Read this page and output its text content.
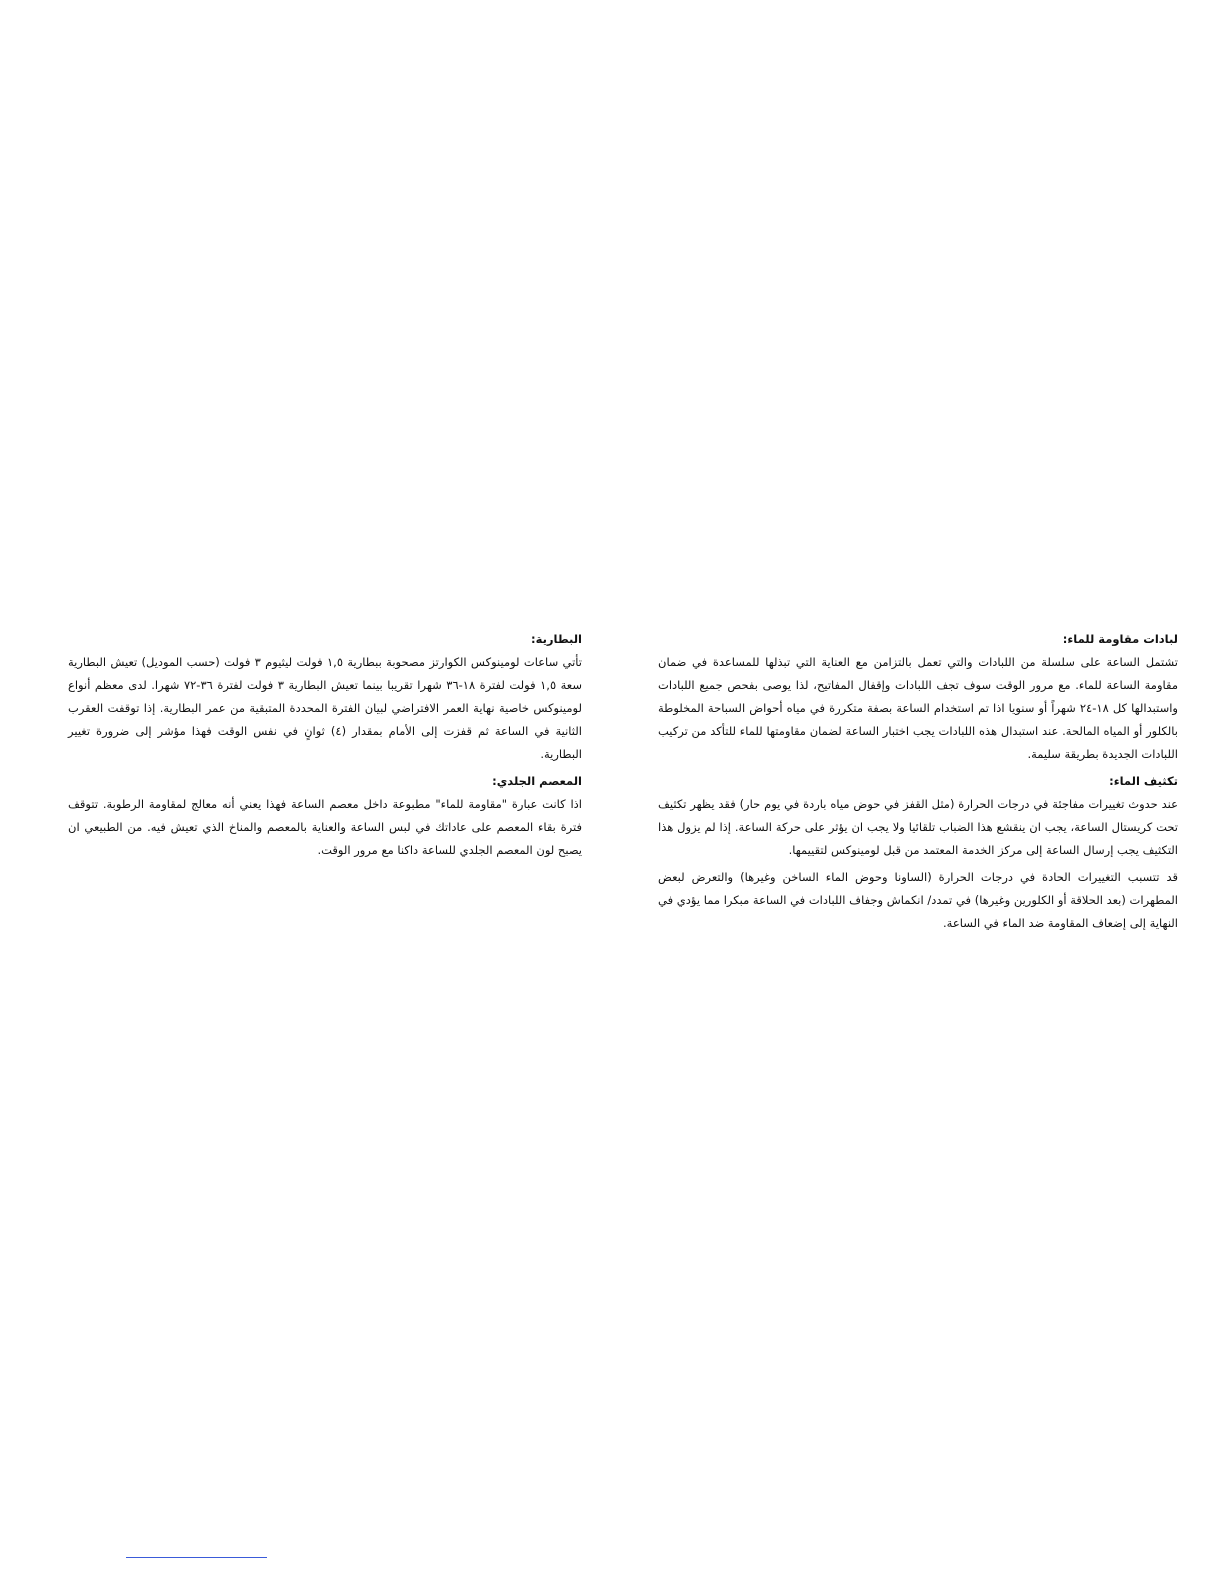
لبادات مقاومة للماء:

تشتمل الساعة على سلسلة من اللبادات والتي تعمل بالتزامن مع العناية التي تبذلها للمساعدة في ضمان مقاومة الساعة للماء. مع مرور الوقت سوف تجف اللبادات وإقفال المفاتيح، لذا يوصى بفحص جميع اللبادات واستبدالها كل ١٨-٢٤ شهراً أو سنويا اذا تم استخدام الساعة بصفة متكررة في مياه أحواض السباحة المخلوطة بالكلور أو المياه المالحة. عند استبدال هذه اللبادات يجب اختبار الساعة لضمان مقاومتها للماء للتأكد من تركيب اللبادات الجديدة بطريقة سليمة.

تكثيف الماء:

عند حدوث تغييرات مفاجئة في درجات الحرارة (مثل القفز في حوض مياه باردة في يوم حار) فقد يظهر تكثيف تحت كريستال الساعة، يجب ان ينقشع هذا الضباب تلقائيا ولا يجب ان يؤثر على حركة الساعة. إذا لم يزول هذا التكثيف يجب إرسال الساعة إلى مركز الخدمة المعتمد من قبل لومينوكس لتقييمها.

قد تتسبب التغييرات الحادة في درجات الحرارة (الساونا وحوض الماء الساخن وغيرها) والتعرض لبعض المطهرات (بعد الحلاقة أو الكلورين وغيرها) في تمدد/ انكماش وجفاف اللبادات في الساعة مبكرا مما يؤدي في النهاية إلى إضعاف المقاومة ضد الماء في الساعة.

البطارية:

تأتي ساعات لومينوكس الكوارتز مصحوبة ببطارية ١,٥ فولت ليثيوم ٣ فولت (حسب الموديل) تعيش البطارية سعة ١,٥ فولت لفترة ١٨-٣٦ شهرا تقريبا بينما تعيش البطارية ٣ فولت لفترة ٣٦-٧٢ شهرا. لدى معظم أنواع لومينوكس خاصية نهاية العمر الافتراضي لبيان الفترة المحددة المتبقية من عمر البطارية. إذا توقفت العقرب الثانية في الساعة ثم قفزت إلى الأمام بمقدار (٤) ثوانٍ في نفس الوقت فهذا مؤشر إلى ضرورة تغيير البطارية.

المعصم الجلدي:

اذا كانت عبارة "مقاومة للماء" مطبوعة داخل معصم الساعة فهذا يعني أنه معالج لمقاومة الرطوبة. تتوقف فترة بقاء المعصم على عاداتك في لبس الساعة والعناية بالمعصم والمناخ الذي تعيش فيه. من الطبيعي ان يصبح لون المعصم الجلدي للساعة داكنا مع مرور الوقت.
